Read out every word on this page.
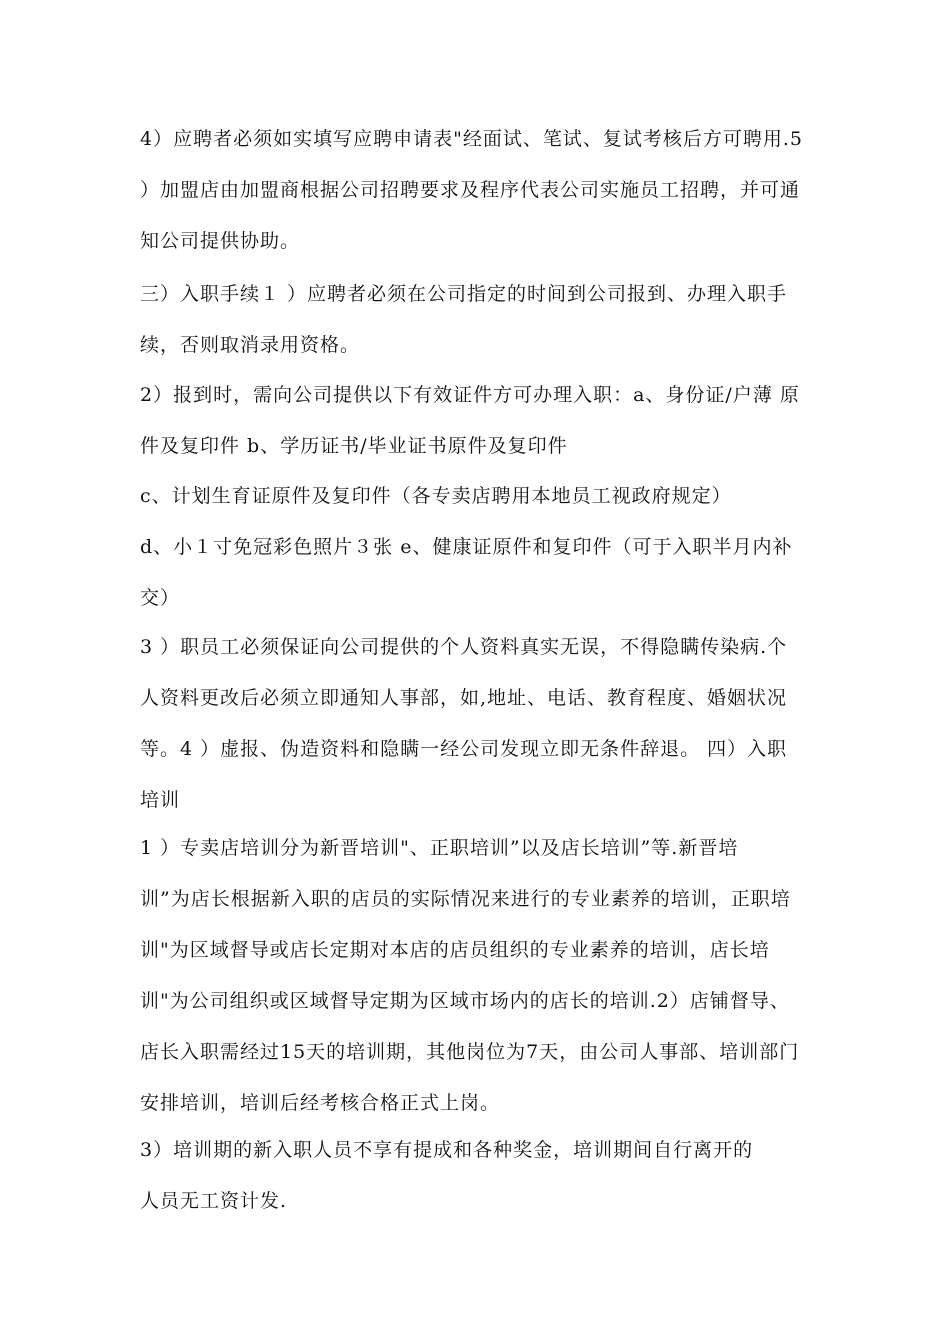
4）应聘者必须如实填写应聘申请表"经面试、笔试、复试考核后方可聘用.5
）加盟店由加盟商根据公司招聘要求及程序代表公司实施员工招聘，并可通
知公司提供协助。
三）入职手续１ ）应聘者必须在公司指定的时间到公司报到、办理入职手
续，否则取消录用资格。
2）报到时，需向公司提供以下有效证件方可办理入职：a、身份证/户薄 原
件及复印件 b、学历证书/毕业证书原件及复印件
c、计划生育证原件及复印件（各专卖店聘用本地员工视政府规定）
d、小１寸免冠彩色照片３张 e、健康证原件和复印件（可于入职半月内补
交）
3 ）职员工必须保证向公司提供的个人资料真实无误，不得隐瞒传染病.个
人资料更改后必须立即通知人事部，如,地址、电话、教育程度、婚姻状况
等。4 ）虚报、伪造资料和隐瞒一经公司发现立即无条件辞退。 四）入职
培训
1 ）专卖店培训分为新晋培训"、正职培训”以及店长培训”等.新晋培
训”为店长根据新入职的店员的实际情况来进行的专业素养的培训，正职培
训"为区域督导或店长定期对本店的店员组织的专业素养的培训，店长培
训"为公司组织或区域督导定期为区域市场内的店长的培训.2）店铺督导、
店长入职需经过15天的培训期，其他岗位为7天，由公司人事部、培训部门
安排培训，培训后经考核合格正式上岗。
3）培训期的新入职人员不享有提成和各种奖金，培训期间自行离开的
人员无工资计发.
